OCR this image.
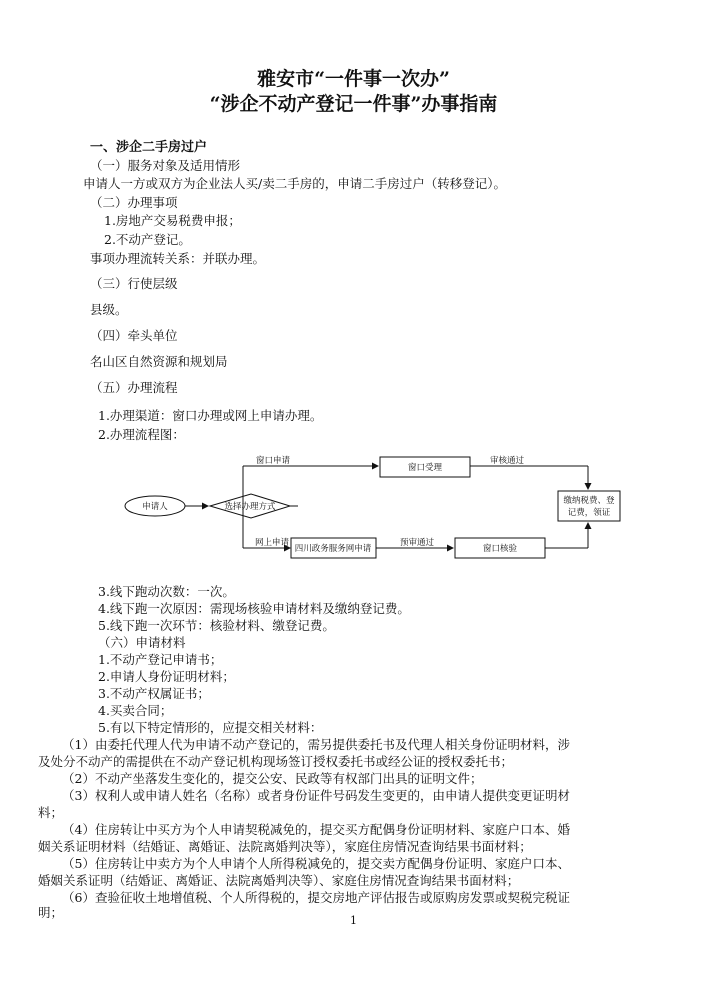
雅安市“一件事一次办”
“涉企不动产登记一件事”办事指南
一、涉企二手房过户
（一）服务对象及适用情形
申请人一方或双方为企业法人买/卖二手房的，申请二手房过户（转移登记）。
（二）办理事项
1.房地产交易税费申报；
2.不动产登记。
事项办理流转关系：并联办理。
（三）行使层级
县级。
（四）牵头单位
名山区自然资源和规划局
（五）办理流程
1.办理渠道：窗口办理或网上申请办理。
2.办理流程图：
申请人	选择办理方式
窗口申请
窗口受理
审核通过
缴纳税费、登
记费，领证
网上申请
四川政务服务网申请
预审通过
窗口核验
3.线下跑动次数：一次。
4.线下跑一次原因：需现场核验申请材料及缴纳登记费。
5.线下跑一次环节：核验材料、缴登记费。
（六）申请材料
1.不动产登记申请书；
2.申请人身份证明材料；
3.不动产权属证书；
4.买卖合同；
5.有以下特定情形的，应提交相关材料：
（1）由委托代理人代为申请不动产登记的，需另提供委托书及代理人相关身份证明材料，涉
及处分不动产的需提供在不动产登记机构现场签订授权委托书或经公证的授权委托书；
（2）不动产坐落发生变化的，提交公安、民政等有权部门出具的证明文件；
（3）权利人或申请人姓名（名称）或者身份证件号码发生变更的，由申请人提供变更证明材
料；
（4）住房转让中买方为个人申请契税减免的，提交买方配偶身份证明材料、家庭户口本、婚
姻关系证明材料（结婚证、离婚证、法院离婚判决等），家庭住房情况查询结果书面材料；
（5）住房转让中卖方为个人申请个人所得税减免的，提交卖方配偶身份证明、家庭户口本、
婚姻关系证明（结婚证、离婚证、法院离婚判决等）、家庭住房情况查询结果书面材料；
（6）查验征收土地增值税、个人所得税的，提交房地产评估报告或原购房发票或契税完税证
明；
1
